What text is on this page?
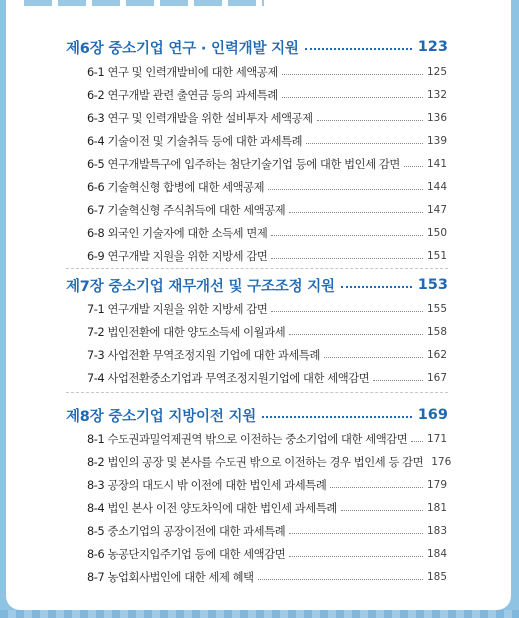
제6장 중소기업 연구 · 인력개발 지원	123
6-1 연구 및 인력개발비에 대한 세액공제	125
6-2 연구개발 관련 출연금 등의 과세특례	132
6-3 연구 및 인력개발을 위한 설비투자 세액공제	136
6-4 기술이전 및 기술취득 등에 대한 과세특례	139
6-5 연구개발특구에 입주하는 첨단기술기업 등에 대한 법인세 감면	141
6-6 기술혁신형 합병에 대한 세액공제	144
6-7 기술혁신형 주식취득에 대한 세액공제	147
6-8 외국인 기술자에 대한 소득세 면제	150
6-9 연구개발 지원을 위한 지방세 감면	151
제7장 중소기업 재무개선 및 구조조정 지원	153
7-1 연구개발 지원을 위한 지방세 감면	155
7-2 법인전환에 대한 양도소득세 이월과세	158
7-3 사업전환 무역조정지원 기업에 대한 과세특례	162
7-4 사업전환중소기업과 무역조정지원기업에 대한 세액감면	167
제8장 중소기업 지방이전 지원	169
8-1 수도권과밀억제권역 밖으로 이전하는 중소기업에 대한 세액감면 171
8-2 법인의 공장 및 본사를 수도권 밖으로 이전하는 경우 법인세 등 감면 176
8-3 공장의 대도시 밖 이전에 대한 법인세 과세특례	179
8-4 법인 본사 이전 양도차익에 대한 법인세 과세특례	181
8-5 중소기업의 공장이전에 대한 과세특례	183
8-6 농공단지입주기업 등에 대한 세액감면	184
8-7 농업회사법인에 대한 세제 혜택	185
